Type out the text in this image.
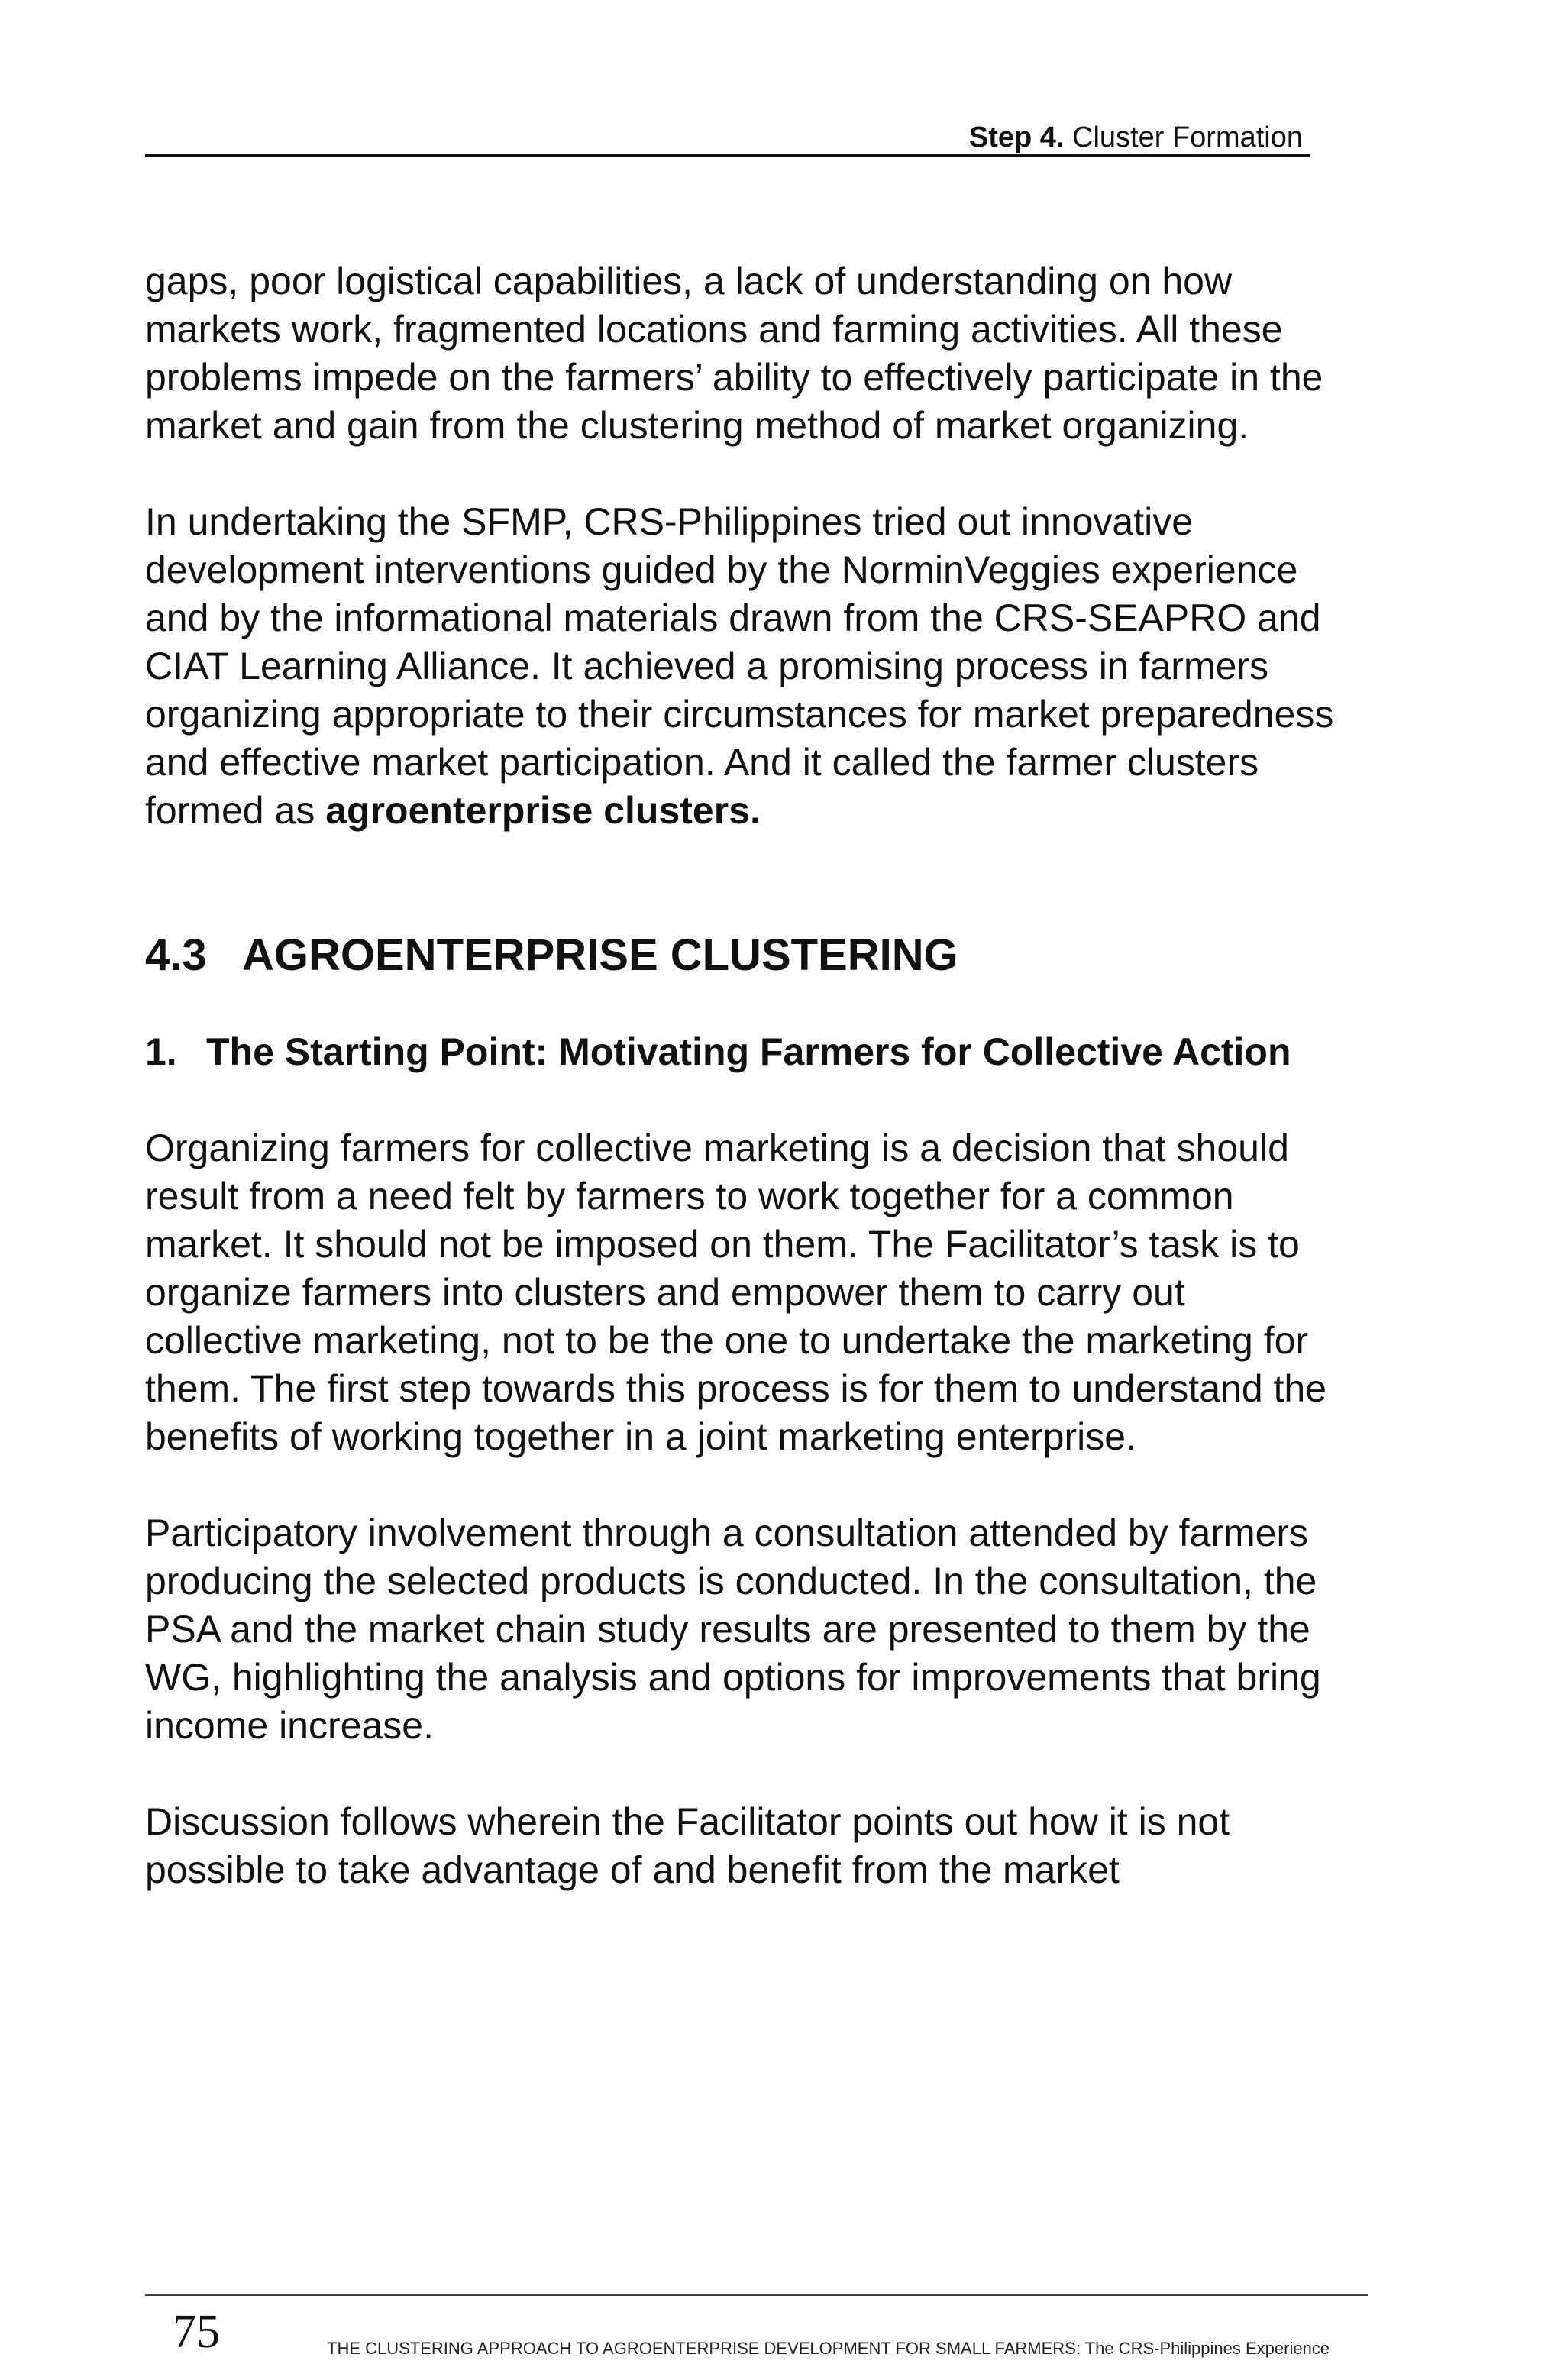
Step 4. Cluster Formation

gaps, poor logistical capabilities, a lack of understanding on how markets work, fragmented locations and farming activities. All these problems impede on the farmers’ ability to effectively participate in the market and gain from the clustering method of market organizing.

In undertaking the SFMP, CRS-Philippines tried out innovative development interventions guided by the NorminVeggies experience and by the informational materials drawn from the CRS-SEAPRO and CIAT Learning Alliance. It achieved a promising process in farmers organizing appropriate to their circumstances for market preparedness and effective market participation. And it called the farmer clusters formed as agroenterprise clusters.

4.3 AGROENTERPRISE CLUSTERING
1. The Starting Point: Motivating Farmers for Collective Action

Organizing farmers for collective marketing is a decision that should result from a need felt by farmers to work together for a common market. It should not be imposed on them. The Facilitator’s task is to organize farmers into clusters and empower them to carry out collective marketing, not to be the one to undertake the marketing for them. The first step towards this process is for them to understand the benefits of working together in a joint marketing enterprise.

Participatory involvement through a consultation attended by farmers producing the selected products is conducted. In the consultation, the PSA and the market chain study results are presented to them by the WG, highlighting the analysis and options for improvements that bring income increase.

Discussion follows wherein the Facilitator points out how it is not possible to take advantage of and benefit from the market

75	THE CLUSTERING APPROACH TO AGROENTERPRISE DEVELOPMENT FOR SMALL FARMERS: The CRS-Philippines Experience
